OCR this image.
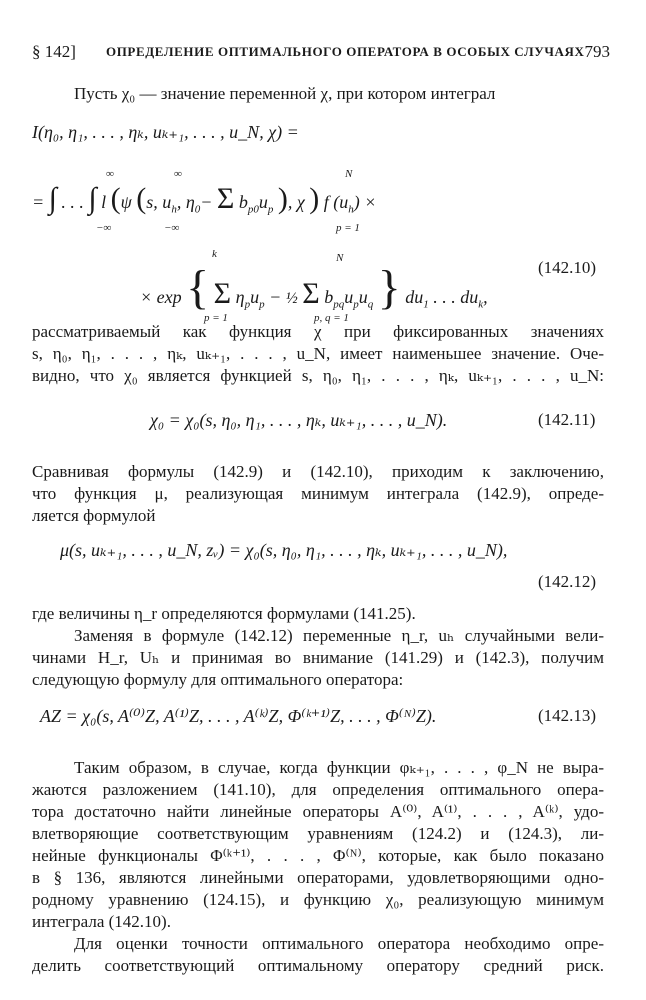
§ 142] ОПРЕДЕЛЕНИЕ ОПТИМАЛЬНОГО ОПЕРАТОРА В ОСОБЫХ СЛУЧАЯХ 793
Пусть χ₀ — значение переменной χ, при котором интеграл
I(η₀, η₁, . . . , ηₖ, uₖ₊₁, . . . , u_N, χ) =
∞
−∞
∞
−∞
N
p = 1
= ∫ . . . ∫ l (ψ (s, $u_h$, $\eta_0- \Sigma$ $b_{p0}u_p$ ), χ ) f $(u_h)$ ×
k
p = 1
N
p, q = 1
× exp { Σ $\eta_pu_p$ − ½ Σ $b_{pq}u_pu_q$ } $du_1$ . . . $du_k$,
(142.10)
рассматриваемый как функция χ при фиксированных значениях
s, η₀, η₁, . . . , ηₖ, uₖ₊₁, . . . , u_N, имеет наименьшее значение. Оче-
видно, что χ₀ является функцией s, η₀, η₁, . . . , ηₖ, uₖ₊₁, . . . , u_N:
χ₀ = χ₀(s, η₀, η₁, . . . , ηₖ, uₖ₊₁, . . . , u_N).	(142.11)
Сравнивая формулы (142.9) и (142.10), приходим к заключению,
что функция μ, реализующая минимум интеграла (142.9), опреде-
ляется формулой
μ(s, uₖ₊₁, . . . , u_N, zᵥ) = χ₀(s, η₀, η₁, . . . , ηₖ, uₖ₊₁, . . . , u_N),
(142.12)
где величины η_r определяются формулами (141.25).
Заменяя в формуле (142.12) переменные η_r, uₕ случайными вели-
чинами H_r, Uₕ и принимая во внимание (141.29) и (142.3), получим
следующую формулу для оптимального оператора:
AZ = χ₀(s, A⁽⁰⁾Z, A⁽¹⁾Z, . . . , A⁽ᵏ⁾Z, Φ⁽ᵏ⁺¹⁾Z, . . . , Φ⁽ᴺ⁾Z).	(142.13)
Таким образом, в случае, когда функции φₖ₊₁, . . . , φ_N не выра-
жаются разложением (141.10), для определения оптимального опера-
тора достаточно найти линейные операторы A⁽⁰⁾, A⁽¹⁾, . . . , A⁽ᵏ⁾, удо-
влетворяющие соответствующим уравнениям (124.2) и (124.3), ли-
нейные функционалы Φ⁽ᵏ⁺¹⁾, . . . , Φ⁽ᴺ⁾, которые, как было показано
в § 136, являются линейными операторами, удовлетворяющими одно-
родному уравнению (124.15), и функцию χ₀, реализующую минимум
интеграла (142.10).
Для оценки точности оптимального оператора необходимо опре-
делить соответствующий оптимальному оператору средний риск.
